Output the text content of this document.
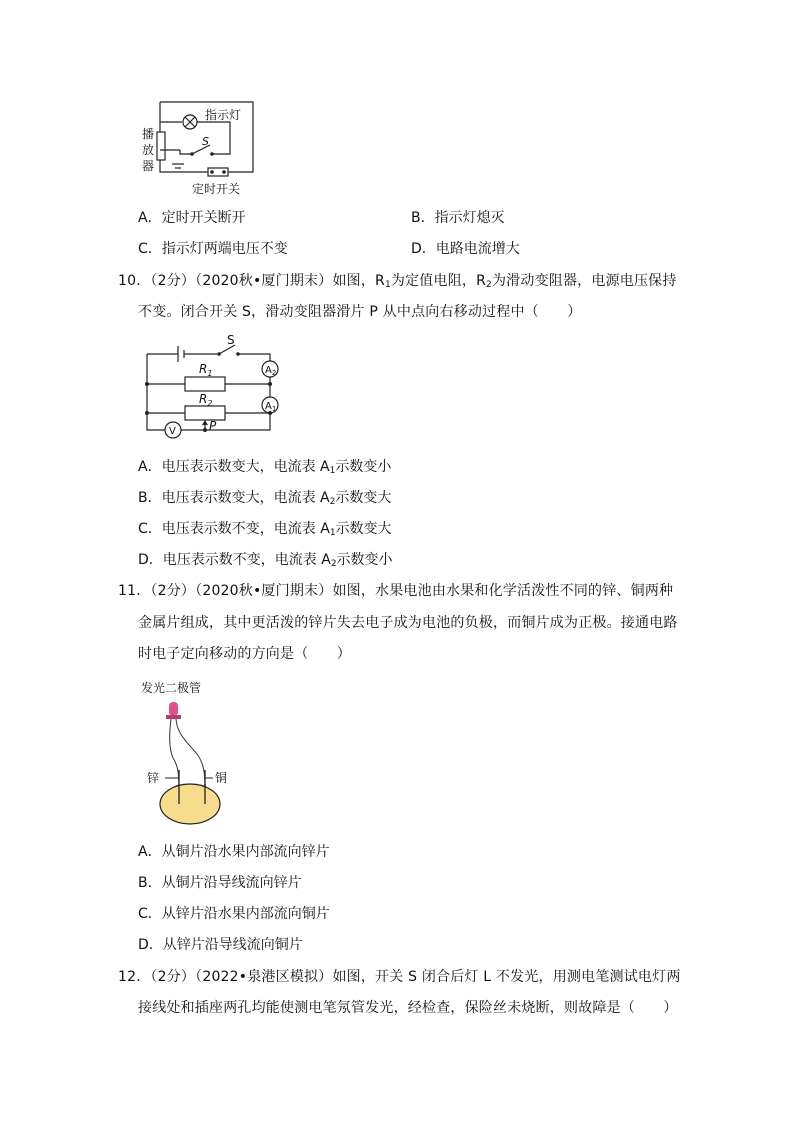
指示灯
S
播
放
器
定时开关
A．定时开关断开	B．指示灯熄灭
C．指示灯两端电压不变	D．电路电流增大
10．（2分）（2020秋•厦门期末）如图，$R_1$为定值电阻，$R_2$为滑动变阻器，电源电压保持
不变。闭合开关 S，滑动变阻器滑片 P 从中点向右移动过程中（　　）
S
$R_1$
$R_2$
$A_2$
$A_1$
V	P
A．电压表示数变大，电流表 $A_1$示数变小
B．电压表示数变大，电流表 $A_2$示数变大
C．电压表示数不变，电流表 $A_1$示数变大
D．电压表示数不变，电流表 $A_2$示数变小
11．（2分）（2020秋•厦门期末）如图，水果电池由水果和化学活泼性不同的锌、铜两种
金属片组成，其中更活泼的锌片失去电子成为电池的负极，而铜片成为正极。接通电路
时电子定向移动的方向是（　　）
发光二极管
锌	铜
A．从铜片沿水果内部流向锌片
B．从铜片沿导线流向锌片
C．从锌片沿水果内部流向铜片
D．从锌片沿导线流向铜片
12．（2分）（2022•泉港区模拟）如图，开关 S 闭合后灯 L 不发光，用测电笔测试电灯两
接线处和插座两孔均能使测电笔氖管发光，经检查，保险丝未烧断，则故障是（　　）
